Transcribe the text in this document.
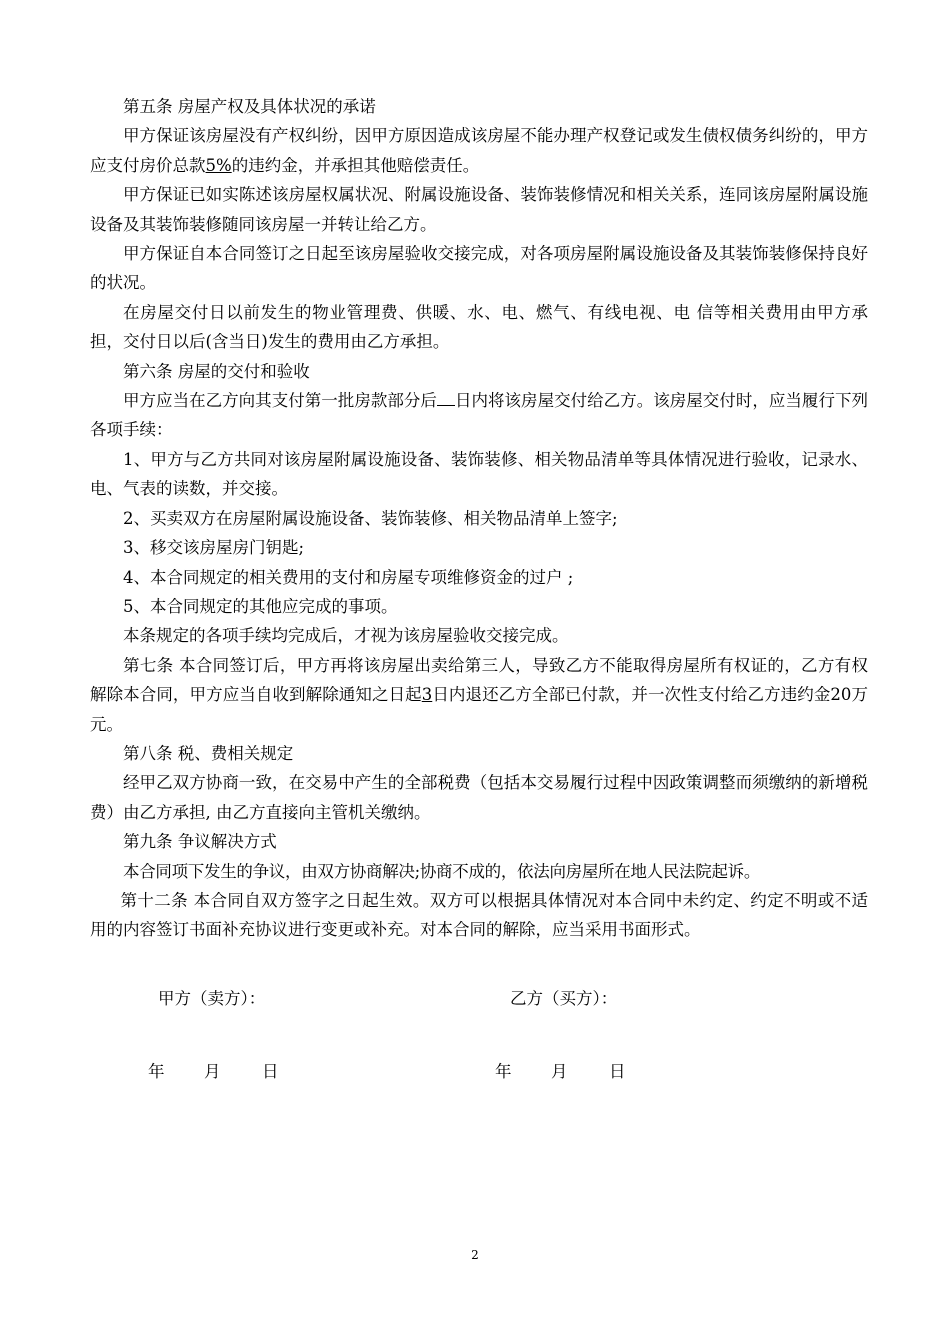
第五条 房屋产权及具体状况的承诺

甲方保证该房屋没有产权纠纷，因甲方原因造成该房屋不能办理产权登记或发生债权债务纠纷的，甲方应支付房价总款5%的违约金，并承担其他赔偿责任。

甲方保证已如实陈述该房屋权属状况、附属设施设备、装饰装修情况和相关关系，连同该房屋附属设施设备及其装饰装修随同该房屋一并转让给乙方。

甲方保证自本合同签订之日起至该房屋验收交接完成，对各项房屋附属设施设备及其装饰装修保持良好的状况。

在房屋交付日以前发生的物业管理费、供暖、水、电、燃气、有线电视、电 信等相关费用由甲方承担，交付日以后(含当日)发生的费用由乙方承担。

第六条 房屋的交付和验收

甲方应当在乙方向其支付第一批房款部分后 日内将该房屋交付给乙方。该房屋交付时，应当履行下列各项手续：

1、甲方与乙方共同对该房屋附属设施设备、装饰装修、相关物品清单等具体情况进行验收，记录水、电、气表的读数，并交接。

2、买卖双方在房屋附属设施设备、装饰装修、相关物品清单上签字;

3、移交该房屋房门钥匙;

4、本合同规定的相关费用的支付和房屋专项维修资金的过户 ;

5、本合同规定的其他应完成的事项。

本条规定的各项手续均完成后，才视为该房屋验收交接完成。

第七条 本合同签订后，甲方再将该房屋出卖给第三人，导致乙方不能取得房屋所有权证的，乙方有权解除本合同，甲方应当自收到解除通知之日起3日内退还乙方全部已付款，并一次性支付给乙方违约金20万元。

第八条 税、费相关规定

经甲乙双方协商一致，在交易中产生的全部税费（包括本交易履行过程中因政策调整而须缴纳的新增税费）由乙方承担, 由乙方直接向主管机关缴纳。

第九条 争议解决方式

本合同项下发生的争议，由双方协商解决;协商不成的，依法向房屋所在地人民法院起诉。

第十二条 本合同自双方签字之日起生效。双方可以根据具体情况对本合同中未约定、约定不明或不适用的内容签订书面补充协议进行变更或补充。对本合同的解除，应当采用书面形式。

甲方（卖方）：	乙方（买方）：
年 月	日	年 月	日
2
